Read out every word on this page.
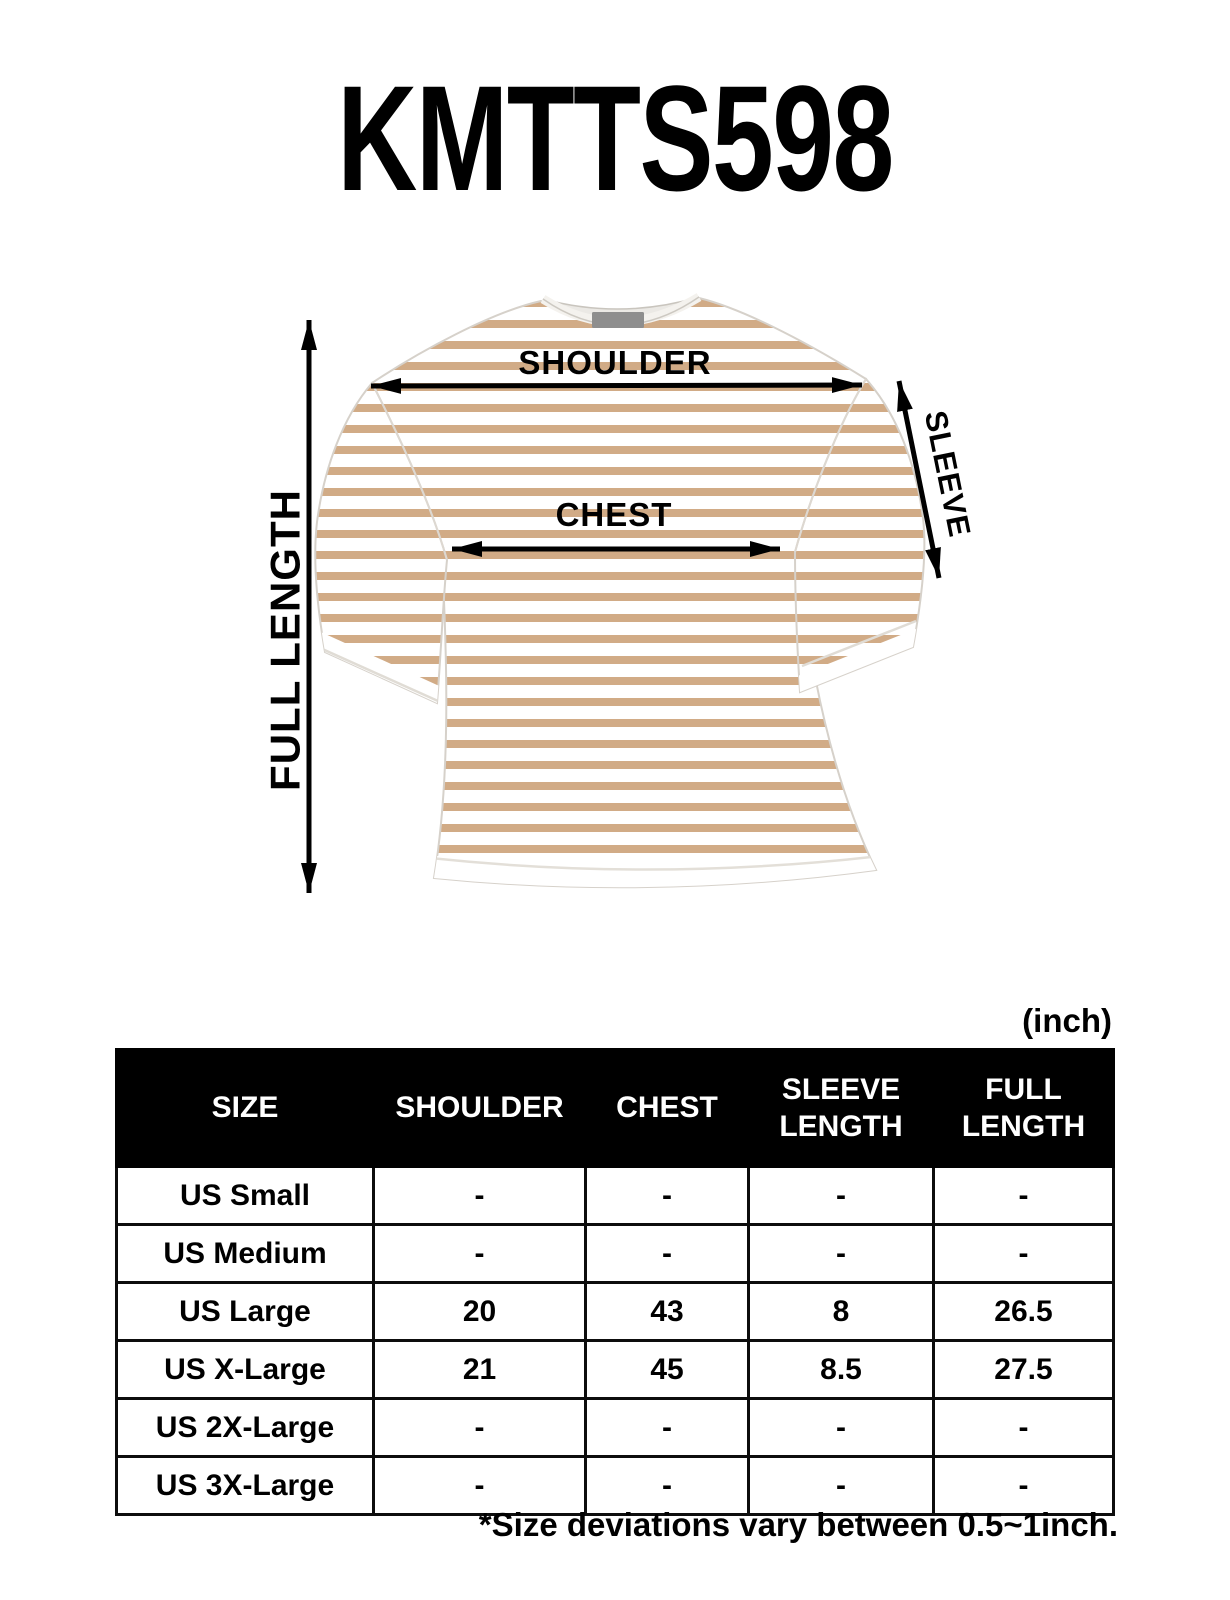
KMTTS598
FULL LENGTH
SHOULDER
CHEST	SLEEVE
(inch)
SIZE	SHOULDER	CHEST	SLEEVE LENGTH	FULL LENGTH
US Small	-	-	-	-
US Medium	-	-	-	-
US Large	20	43	8	26.5
US X-Large	21	45	8.5	27.5
US 2X-Large	-	-	-	-
US 3X-Large	-	-	-	-
*Size deviations vary between 0.5~1inch.
